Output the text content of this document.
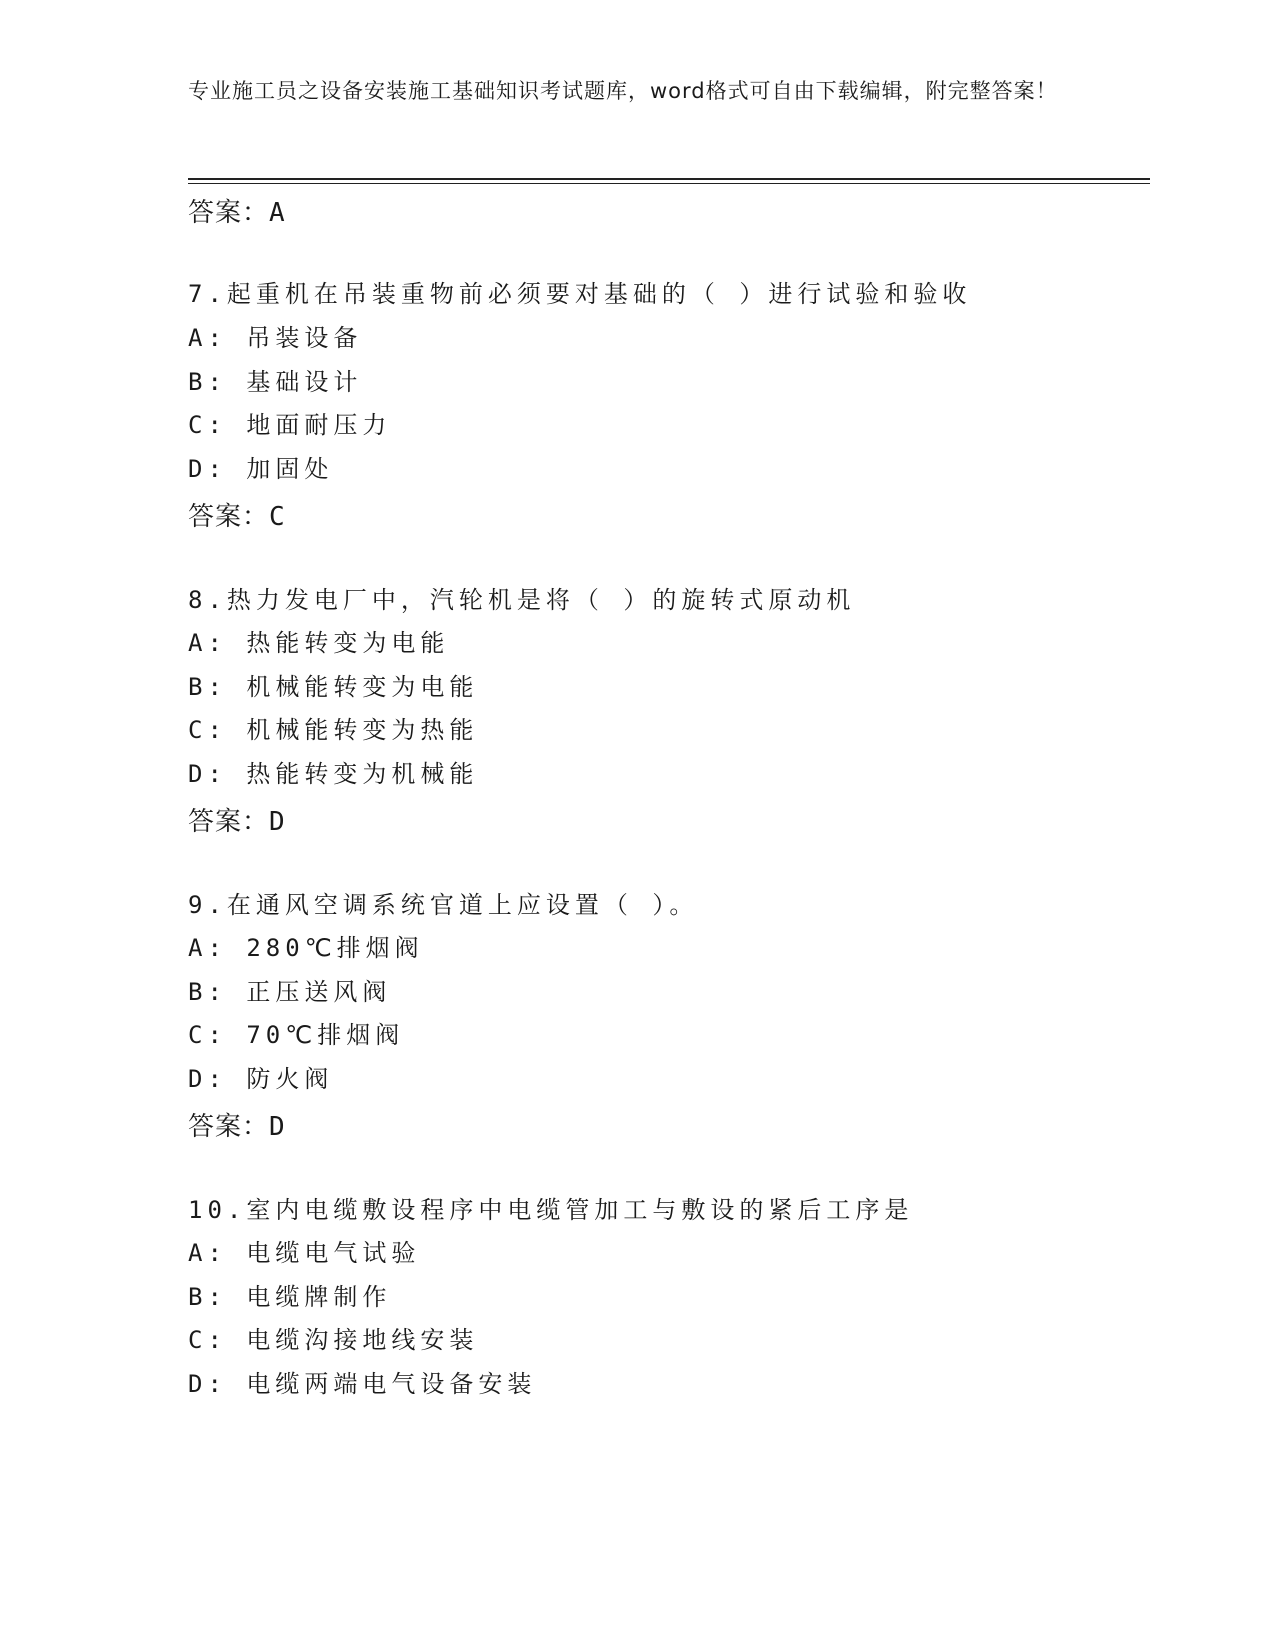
专业施工员之设备安装施工基础知识考试题库，word格式可自由下载编辑，附完整答案！
答案：A
7.起重机在吊装重物前必须要对基础的（ ）进行试验和验收
A: 吊装设备
B: 基础设计
C: 地面耐压力
D: 加固处
答案：C
8.热力发电厂中，汽轮机是将（ ）的旋转式原动机
A: 热能转变为电能
B: 机械能转变为电能
C: 机械能转变为热能
D: 热能转变为机械能
答案：D
9.在通风空调系统官道上应设置（ ）。
A: 280℃排烟阀
B: 正压送风阀
C: 70℃排烟阀
D: 防火阀
答案：D
10.室内电缆敷设程序中电缆管加工与敷设的紧后工序是
A: 电缆电气试验
B: 电缆牌制作
C: 电缆沟接地线安装
D: 电缆两端电气设备安装
